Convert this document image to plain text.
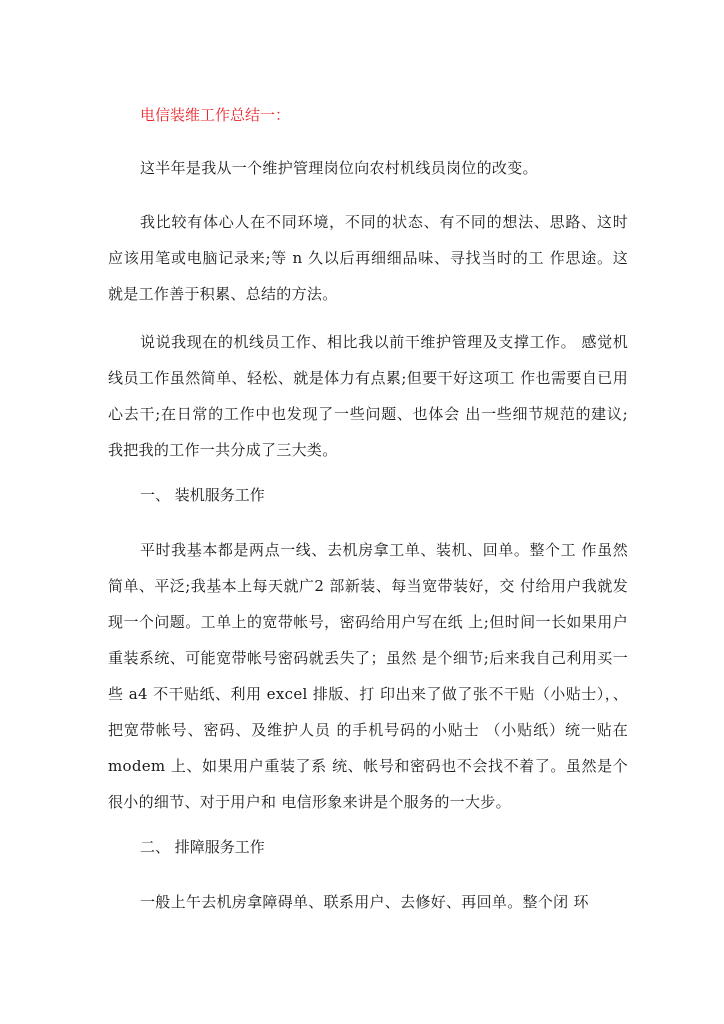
电信装维工作总结一：

这半年是我从一个维护管理岗位向农村机线员岗位的改变。

我比较有体心人在不同环境，不同的状态、有不同的想法、思路、这时应该用笔或电脑记录来;等 n 久以后再细细品味、寻找当时的工 作思途。这就是工作善于积累、总结的方法。

说说我现在的机线员工作、相比我以前干维护管理及支撑工作。 感觉机线员工作虽然简单、轻松、就是体力有点累;但要干好这项工 作也需要自已用心去干;在日常的工作中也发现了一些问题、也体会 出一些细节规范的建议;我把我的工作一共分成了三大类。

一、 装机服务工作

平时我基本都是两点一线、去机房拿工单、装机、回单。整个工 作虽然简单、平泛;我基本上每天就广2 部新装、每当宽带装好，交 付给用户我就发现一个问题。工单上的宽带帐号，密码给用户写在纸 上;但时间一长如果用户重装系统、可能宽带帐号密码就丢失了；虽然 是个细节;后来我自己利用买一些 a4 不干贴纸、利用 excel 排版、打 印出来了做了张不干贴（小贴士），、把宽带帐号、密码、及维护人员 的手机号码的小贴士 （小贴纸）统一贴在 modem 上、如果用户重装了系 统、帐号和密码也不会找不着了。虽然是个很小的细节、对于用户和 电信形象来讲是个服务的一大步。

二、 排障服务工作

一般上午去机房拿障碍单、联系用户、去修好、再回单。整个闭 环
